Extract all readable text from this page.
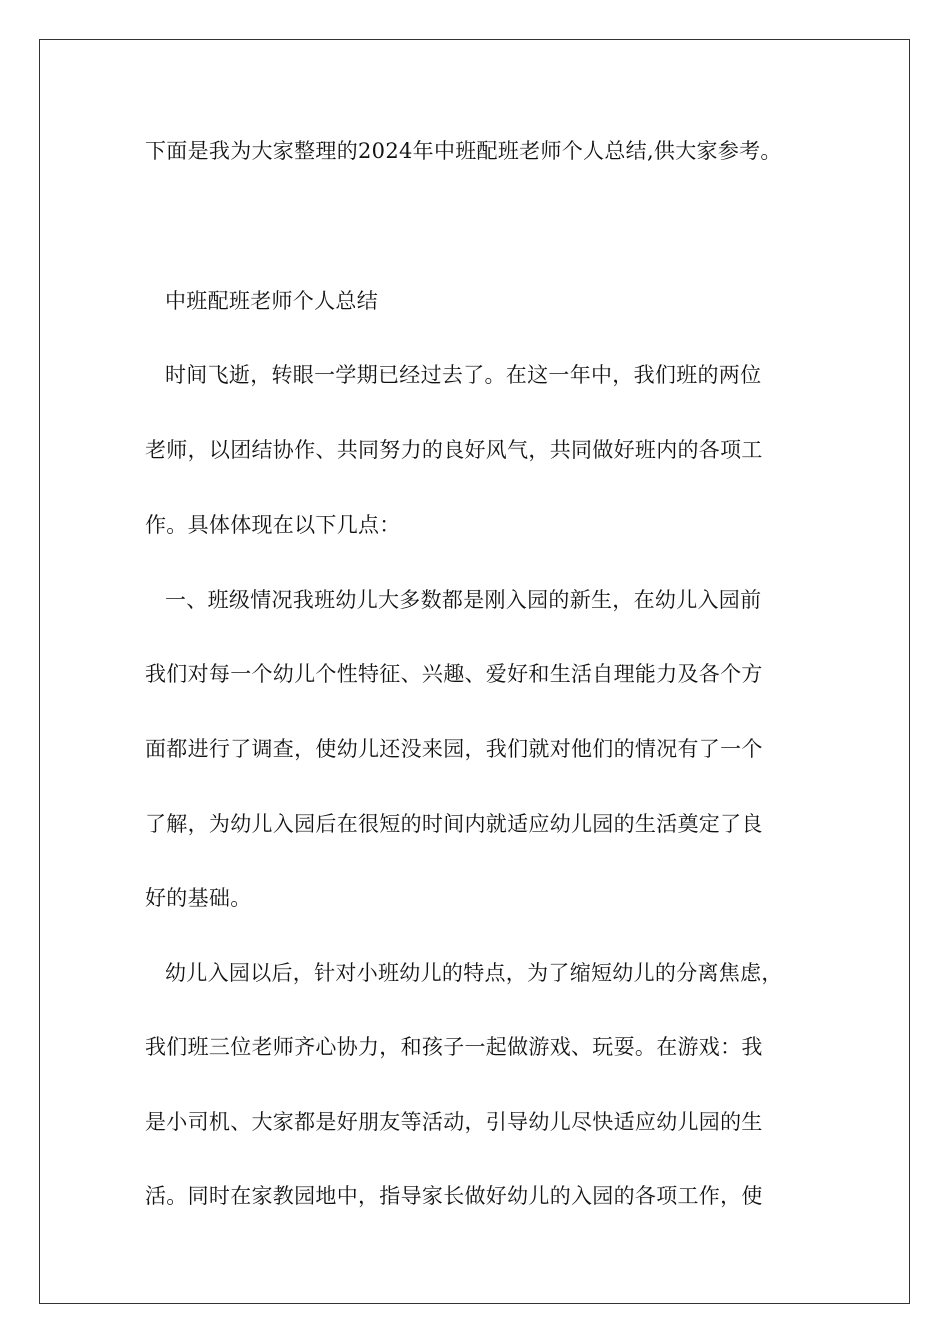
下面是我为大家整理的2024年中班配班老师个人总结,供大家参考。
中班配班老师个人总结
时间飞逝，转眼一学期已经过去了。在这一年中，我们班的两位
老师，以团结协作、共同努力的良好风气，共同做好班内的各项工
作。具体体现在以下几点：
一、班级情况我班幼儿大多数都是刚入园的新生，在幼儿入园前
我们对每一个幼儿个性特征、兴趣、爱好和生活自理能力及各个方
面都进行了调查，使幼儿还没来园，我们就对他们的情况有了一个
了解，为幼儿入园后在很短的时间内就适应幼儿园的生活奠定了良
好的基础。
幼儿入园以后，针对小班幼儿的特点，为了缩短幼儿的分离焦虑，
我们班三位老师齐心协力，和孩子一起做游戏、玩耍。在游戏：我
是小司机、大家都是好朋友等活动，引导幼儿尽快适应幼儿园的生
活。同时在家教园地中，指导家长做好幼儿的入园的各项工作，使
